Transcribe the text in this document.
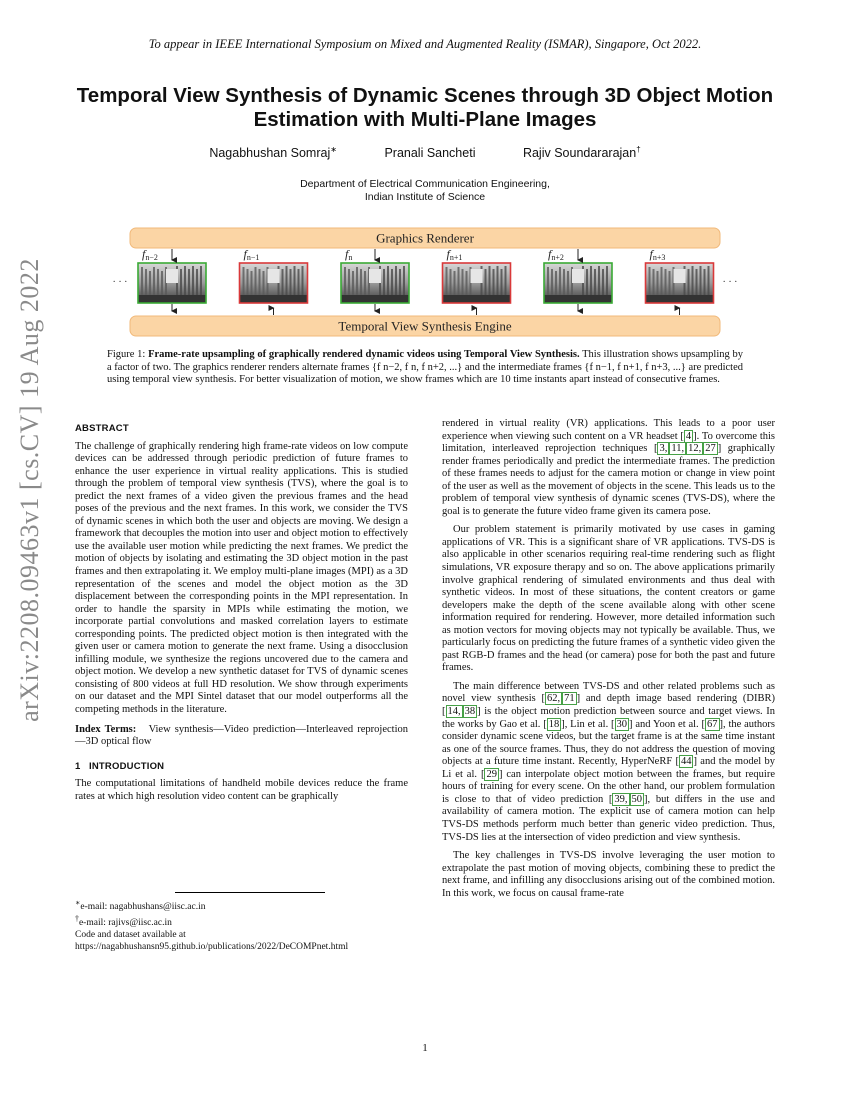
To appear in IEEE International Symposium on Mixed and Augmented Reality (ISMAR), Singapore, Oct 2022.
Temporal View Synthesis of Dynamic Scenes through 3D Object Motion Estimation with Multi-Plane Images
Nagabhushan Somraj∗	Pranali Sancheti	Rajiv Soundararajan†
Department of Electrical Communication Engineering,
Indian Institute of Science
arXiv:2208.09463v1 [cs.CV] 19 Aug 2022
Graphics Renderer
Temporal View Synthesis Engine
· · ·	· · ·
fn−2	fn−1	fn	fn+1	fn+2	fn+3
Figure 1: Frame-rate upsampling of graphically rendered dynamic videos using Temporal View Synthesis. This illustration shows upsampling by a factor of two. The graphics renderer renders alternate frames {f n−2, f n, f n+2, ...} and the intermediate frames {f n−1, f n+1, f n+3, ...} are predicted using temporal view synthesis. For better visualization of motion, we show frames which are 10 time instants apart instead of consecutive frames.
ABSTRACT

The challenge of graphically rendering high frame-rate videos on low compute devices can be addressed through periodic prediction of future frames to enhance the user experience in virtual reality applications. This is studied through the problem of temporal view synthesis (TVS), where the goal is to predict the next frames of a video given the previous frames and the head poses of the previous and the next frames. In this work, we consider the TVS of dynamic scenes in which both the user and objects are moving. We design a framework that decouples the motion into user and object motion to effectively use the available user motion while predicting the next frames. We predict the motion of objects by isolating and estimating the 3D object motion in the past frames and then extrapolating it. We employ multi-plane images (MPI) as a 3D representation of the scenes and model the object motion as the 3D displacement between the corresponding points in the MPI representation. In order to handle the sparsity in MPIs while estimating the motion, we incorporate partial convolutions and masked correlation layers to estimate corresponding points. The predicted object motion is then integrated with the given user or camera motion to generate the next frame. Using a disocclusion infilling module, we synthesize the regions uncovered due to the camera and object motion. We develop a new synthetic dataset for TVS of dynamic scenes consisting of 800 videos at full HD resolution. We show through experiments on our dataset and the MPI Sintel dataset that our model outperforms all the competing methods in the literature.

Index Terms: View synthesis—Video prediction—Interleaved reprojection—3D optical flow

1 INTRODUCTION

The computational limitations of handheld mobile devices reduce the frame rates at which high resolution video content can be graphically

∗e-mail: nagabhushans@iisc.ac.in
†e-mail: rajivs@iisc.ac.in
Code and dataset available at
https://nagabhushansn95.github.io/publications/2022/DeCOMPnet.html

rendered in virtual reality (VR) applications. This leads to a poor user experience when viewing such content on a VR headset [ 4 ]. To overcome this limitation, interleaved reprojection techniques [ 3, 11, 12, 27 ] graphically render frames periodically and predict the intermediate frames. The prediction of these frames needs to adjust for the camera motion or change in view point of the user as well as the movement of objects in the scene. This leads us to the problem of temporal view synthesis of dynamic scenes (TVS-DS), where the goal is to generate the future video frame given its camera pose.

Our problem statement is primarily motivated by use cases in gaming applications of VR. This is a significant share of VR applications. TVS-DS is also applicable in other scenarios requiring real-time rendering such as flight simulations, VR exposure therapy and so on. The above applications primarily involve graphical rendering of simulated environments and thus deal with synthetic videos. In most of these situations, the content creators or game developers make the depth of the scene available along with other scene information required for rendering. However, more detailed information such as motion vectors for moving objects may not typically be available. Thus, we particularly focus on predicting the future frames of a synthetic video given the past RGB-D frames and the head (or camera) pose for both the past and future frames.

The main difference between TVS-DS and other related problems such as novel view synthesis [ 62, 71 ] and depth image based rendering (DIBR) [ 14, 38 ] is the object motion prediction between source and target views. In the works by Gao et al. [ 18 ], Lin et al. [ 30 ] and Yoon et al. [ 67 ], the authors consider dynamic scene videos, but the target frame is at the same time instant as one of the source frames. Thus, they do not address the question of moving objects at a future time instant. Recently, HyperNeRF [ 44 ] and the model by Li et al. [ 29 ] can interpolate object motion between the frames, but require hours of training for every scene. On the other hand, our problem formulation is close to that of video prediction [ 39, 50 ], but differs in the use and availability of camera motion. The explicit use of camera motion can help TVS-DS methods perform much better than generic video prediction. Thus, TVS-DS lies at the intersection of video prediction and view synthesis.

The key challenges in TVS-DS involve leveraging the user motion to extrapolate the past motion of moving objects, combining these to predict the next frame, and infilling any disocclusions arising out of the combined motion. In this work, we focus on causal frame-rate

1
